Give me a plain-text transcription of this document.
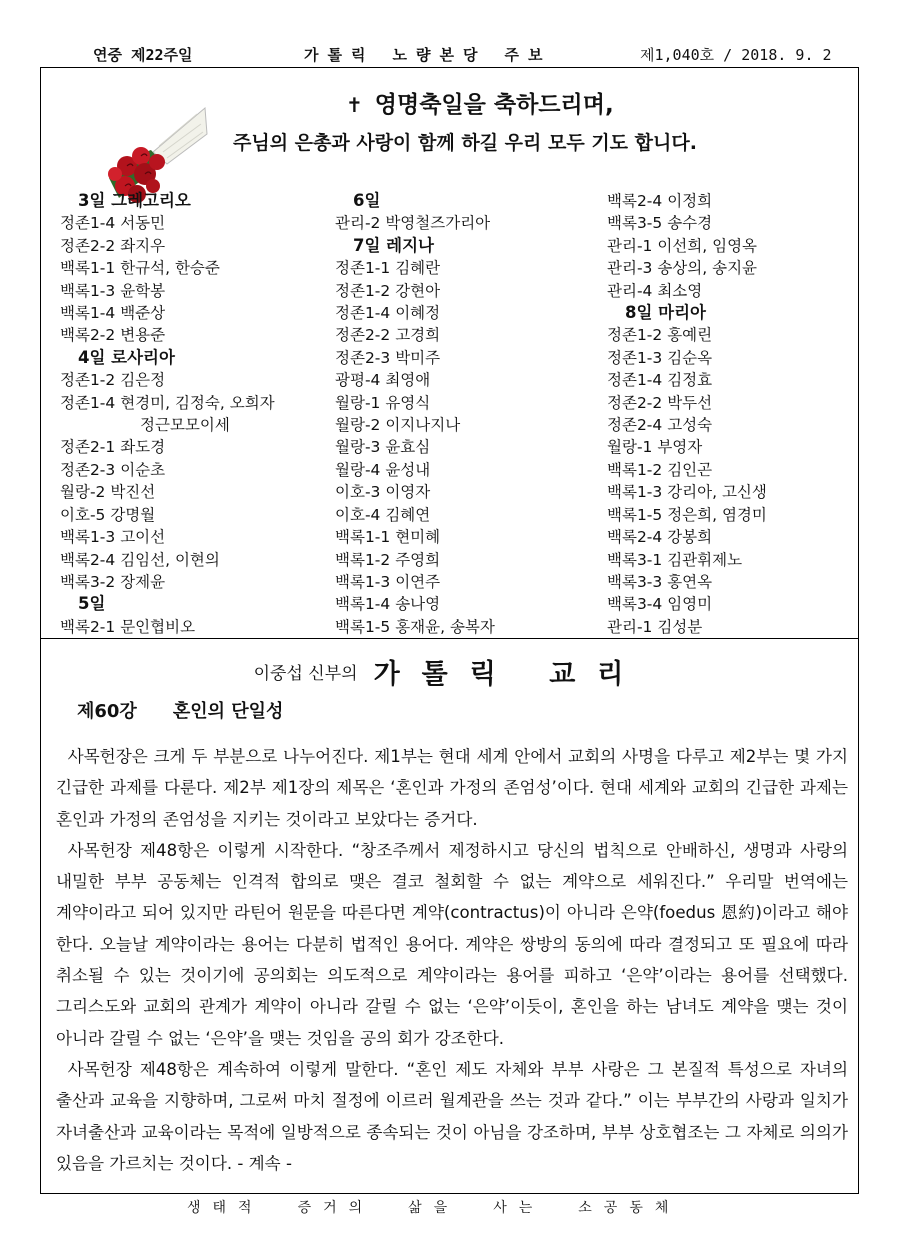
연중 제22주일	가톨릭 노량본당 주보	제1,040호 / 2018. 9. 2
✝ 영명축일을 축하드리며,
주님의 은총과 사랑이 함께 하길 우리 모두 기도 합니다.
3일 그레고리오
정존1-4 서동민
정존2-2 좌지우
백록1-1 한규석, 한승준
백록1-3 윤학봉
백록1-4 백준상
백록2-2 변용준
4일 로사리아
정존1-2 김은정
정존1-4 현경미, 김정숙, 오희자
정근모모이세
정존2-1 좌도경
정존2-3 이순초
월랑-2 박진선
이호-5 강명월
백록1-3 고이선
백록2-4 김임선, 이현의
백록3-2 장제윤
5일
백록2-1 문인협비오
6일
관리-2 박영철즈가리아
7일 레지나
정존1-1 김혜란
정존1-2 강현아
정존1-4 이혜정
정존2-2 고경희
정존2-3 박미주
광평-4 최영애
월랑-1 유영식
월랑-2 이지나지나
월랑-3 윤효심
월랑-4 윤성내
이호-3 이영자
이호-4 김혜연
백록1-1 현미혜
백록1-2 주영희
백록1-3 이연주
백록1-4 송나영
백록1-5 홍재윤, 송복자
백록2-4 이정희
백록3-5 송수경
관리-1 이선희, 임영옥
관리-3 송상의, 송지윤
관리-4 최소영
8일 마리아
정존1-2 홍예린
정존1-3 김순옥
정존1-4 김정효
정존2-2 박두선
정존2-4 고성숙
월랑-1 부영자
백록1-2 김인곤
백록1-3 강리아, 고신생
백록1-5 정은희, 염경미
백록2-4 강봉희
백록3-1 김관휘제노
백록3-3 홍연옥
백록3-4 임영미
관리-1 김성분
이중섭 신부의 가톨릭 교리
제60강 혼인의 단일성

사목헌장은 크게 두 부분으로 나누어진다. 제1부는 현대 세계 안에서 교회의 사명을 다루고 제2부는 몇 가지 긴급한 과제를 다룬다. 제2부 제1장의 제목은 ‘혼인과 가정의 존엄성’이다. 현대 세계와 교회의 긴급한 과제는 혼인과 가정의 존엄성을 지키는 것이라고 보았다는 증거다.

사목헌장 제48항은 이렇게 시작한다. “창조주께서 제정하시고 당신의 법칙으로 안배하신, 생명과 사랑의 내밀한 부부 공동체는 인격적 합의로 맺은 결코 철회할 수 없는 계약으로 세워진다.” 우리말 번역에는 계약이라고 되어 있지만 라틴어 원문을 따른다면 계약(contractus)이 아니라 은약(foedus 恩約)이라고 해야 한다. 오늘날 계약이라는 용어는 다분히 법적인 용어다. 계약은 쌍방의 동의에 따라 결정되고 또 필요에 따라 취소될 수 있는 것이기에 공의회는 의도적으로 계약이라는 용어를 피하고 ‘은약’이라는 용어를 선택했다. 그리스도와 교회의 관계가 계약이 아니라 갈릴 수 없는 ‘은약’이듯이, 혼인을 하는 남녀도 계약을 맺는 것이 아니라 갈릴 수 없는 ‘은약’을 맺는 것임을 공의 회가 강조한다.

사목헌장 제48항은 계속하여 이렇게 말한다. “혼인 제도 자체와 부부 사랑은 그 본질적 특성으로 자녀의 출산과 교육을 지향하며, 그로써 마치 절정에 이르러 월계관을 쓰는 것과 같다.” 이는 부부간의 사랑과 일치가 자녀출산과 교육이라는 목적에 일방적으로 종속되는 것이 아님을 강조하며, 부부 상호협조는 그 자체로 의의가 있음을 가르치는 것이다. - 계속 -

생태적 증거의 삶을 사는 소공동체
